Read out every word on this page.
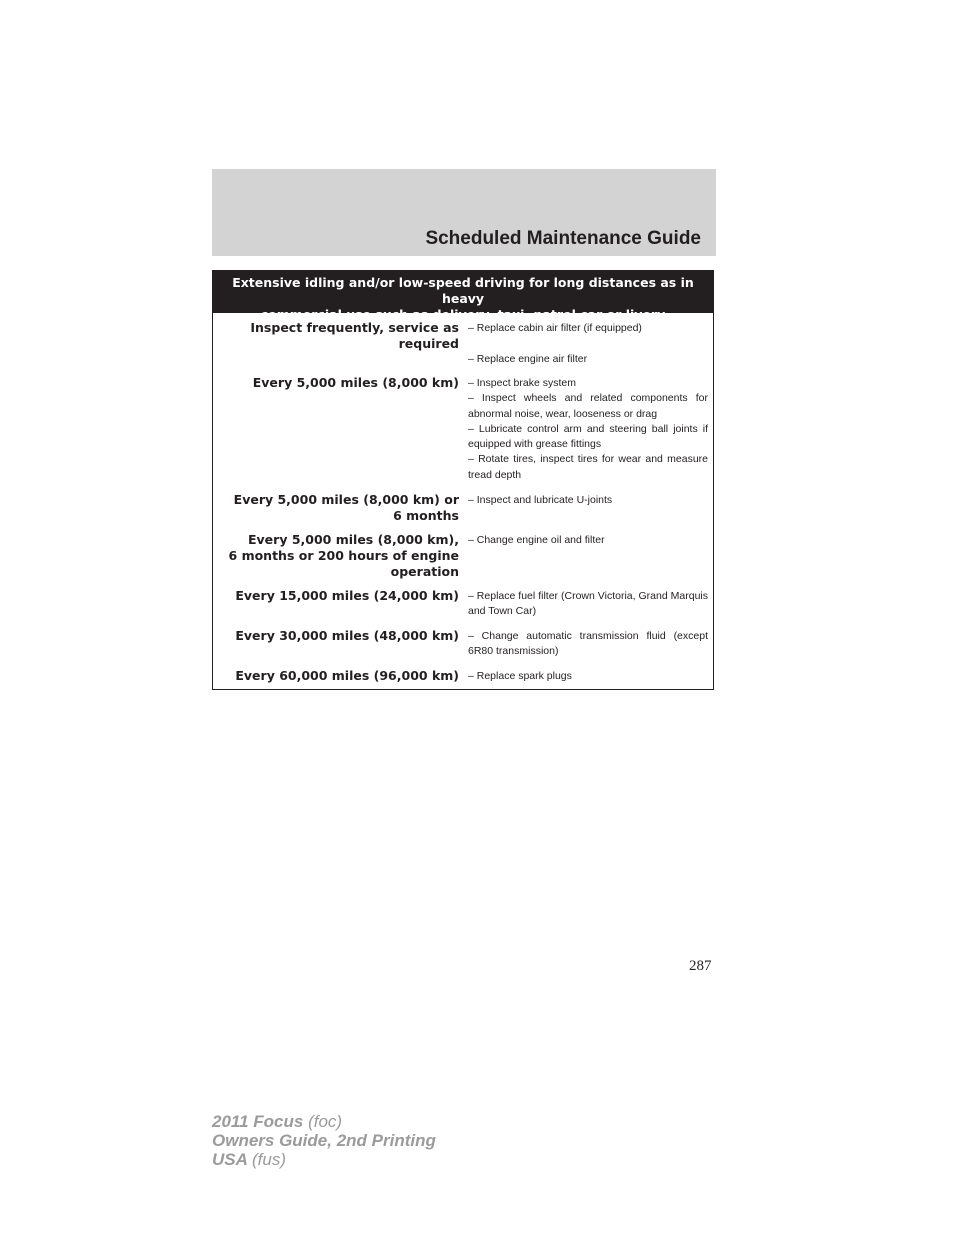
Scheduled Maintenance Guide
Extensive idling and/or low-speed driving for long distances as in heavy
commercial use such as delivery, taxi, patrol car or livery
Inspect frequently, service as
required
– Replace cabin air filter (if equipped)
– Replace engine air filter
Every 5,000 miles (8,000 km) – Inspect brake system
– Inspect wheels and related components for abnormal noise, wear, looseness or drag
– Lubricate control arm and steering ball joints if equipped with grease fittings
– Rotate tires, inspect tires for wear and measure tread depth
Every 5,000 miles (8,000 km) or
6 months
– Inspect and lubricate U-joints
Every 5,000 miles (8,000 km),
6 months or 200 hours of engine
operation
– Change engine oil and filter
Every 15,000 miles (24,000 km) – Replace fuel filter (Crown Victoria, Grand Marquis and Town Car)
Every 30,000 miles (48,000 km) – Change automatic transmission fluid (except 6R80 transmission)
Every 60,000 miles (96,000 km) – Replace spark plugs
287
2011 Focus (foc)
Owners Guide, 2nd Printing
USA (fus)
